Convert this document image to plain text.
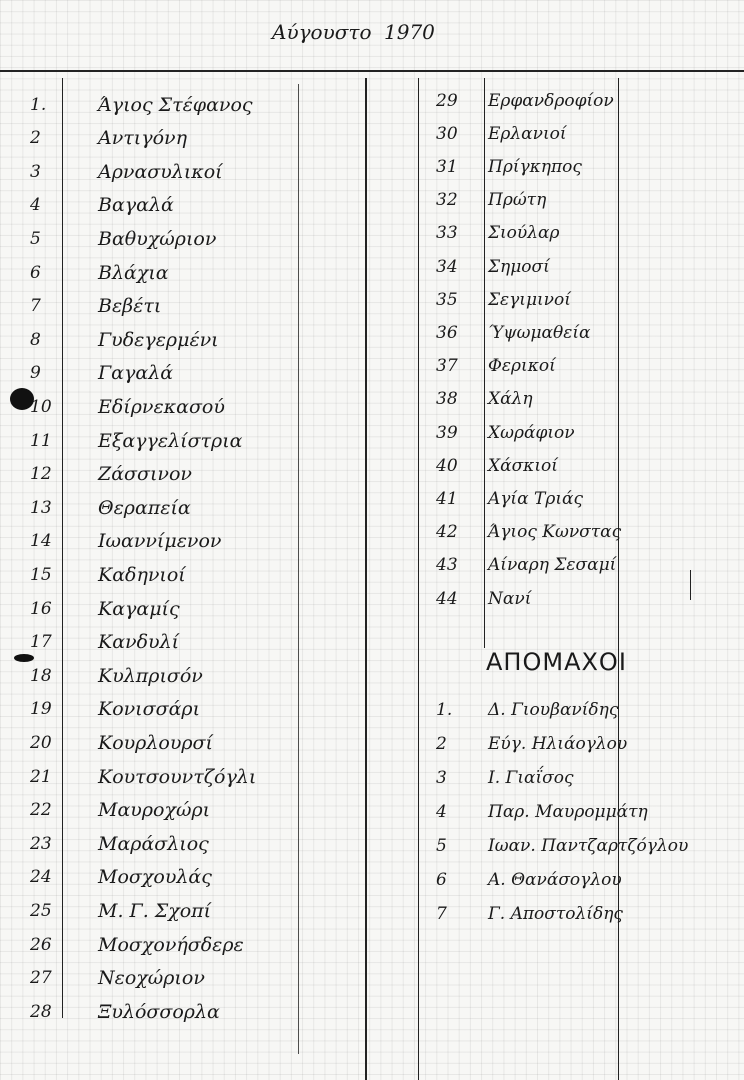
Αύγουστο 1970
1.	Άγιος Στέφανος
2	Αντιγόνη
3	Αρνασυλικοί
4	Βαγαλά
5	Βαθυχώριον
6	Βλάχια
7	Βεβέτι
8	Γυδεγερμένι
9	Γαγαλά
10	Εδίρνεκασού
11	Εξαγγελίστρια
12	Ζάσσινον
13	Θεραπεία
14	Ιωαννίμενον
15	Καδηνιοί
16	Καγαμίς
17	Κανδυλί
18	Κυλπρισόν
19	Κονισσάρι
20	Κουρλουρσί
21	Κουτσουντζόγλι
22	Μαυροχώρι
23	Μαράσλιος
24	Μοσχουλάς
25	Μ. Γ. Σχοπί
26	Μοσχονήσδερε
27	Νεοχώριον
28	Ξυλόσσορλα
29	Ερφανδροφίον
30	Ερλανιοί
31	Πρίγκηπος
32	Πρώτη
33	Σιούλαρ
34	Σημοσί
35	Σεγιμινοί
36	Ύψωμαθεία
37	Φερικοί
38	Χάλη
39	Χωράφιον
40	Χάσκιοί
41	Αγία Τριάς
42	Άγιος Κωνστας
43	Αίναρη Σεσαμί
44	Νανί
ΑΠΟΜΑΧΟΙ
1.	Δ. Γιουβανίδης
2	Εύγ. Ηλιάογλου
3	Ι. Γιαΐσος
4	Παρ. Μαυρομμάτη
5	Ιωαν. Παντζαρτζόγλου
6	Α. Θανάσογλου
7	Γ. Αποστολίδης
